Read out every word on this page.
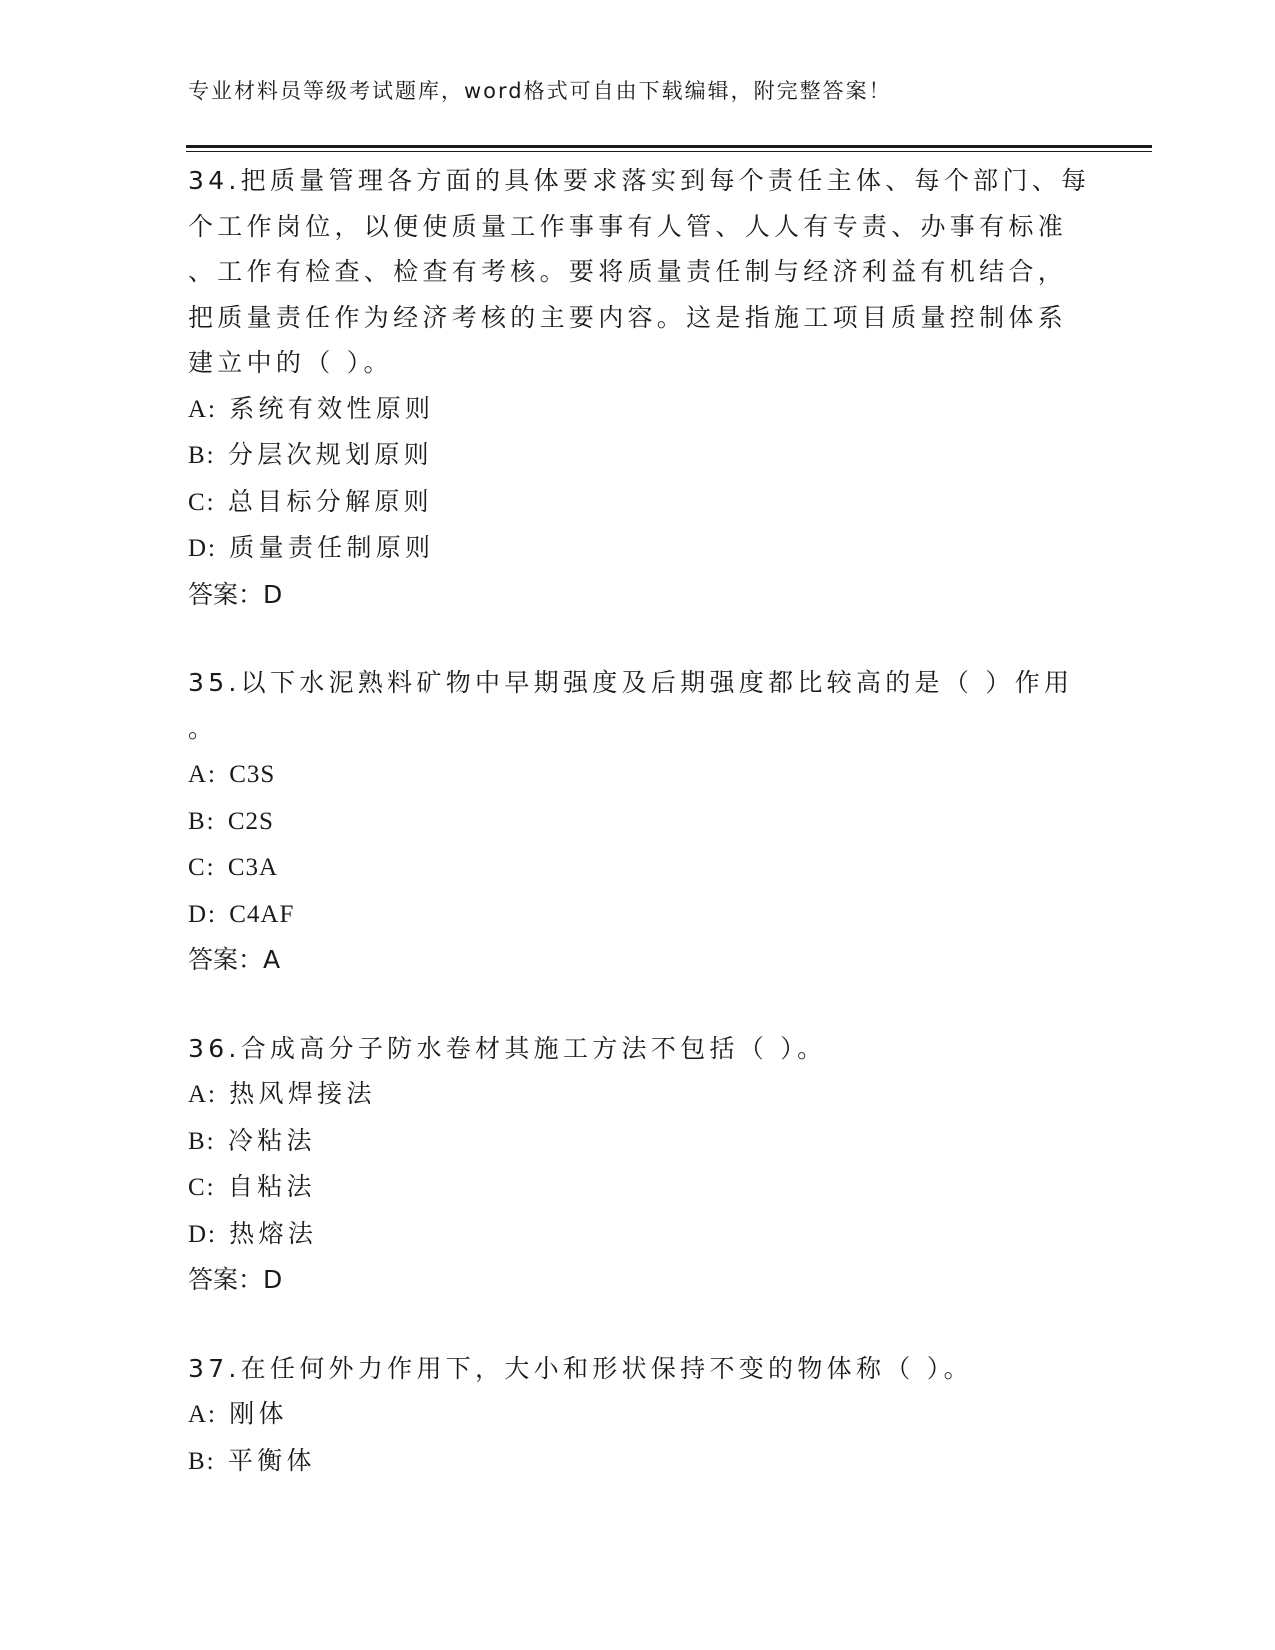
专业材料员等级考试题库，word格式可自由下载编辑，附完整答案！
34.把质量管理各方面的具体要求落实到每个责任主体、每个部门、每
个工作岗位，以便使质量工作事事有人管、人人有专责、办事有标准
、工作有检查、检查有考核。要将质量责任制与经济利益有机结合，
把质量责任作为经济考核的主要内容。这是指施工项目质量控制体系
建立中的（ ）。
A: 系统有效性原则
B: 分层次规划原则
C: 总目标分解原则
D: 质量责任制原则
答案：D
35.以下水泥熟料矿物中早期强度及后期强度都比较高的是（ ）作用
。
A: C3S
B: C2S
C: C3A
D: C4AF
答案：A
36.合成高分子防水卷材其施工方法不包括（ ）。
A: 热风焊接法
B: 冷粘法
C: 自粘法
D: 热熔法
答案：D
37.在任何外力作用下，大小和形状保持不变的物体称（ ）。
A: 刚体
B: 平衡体
